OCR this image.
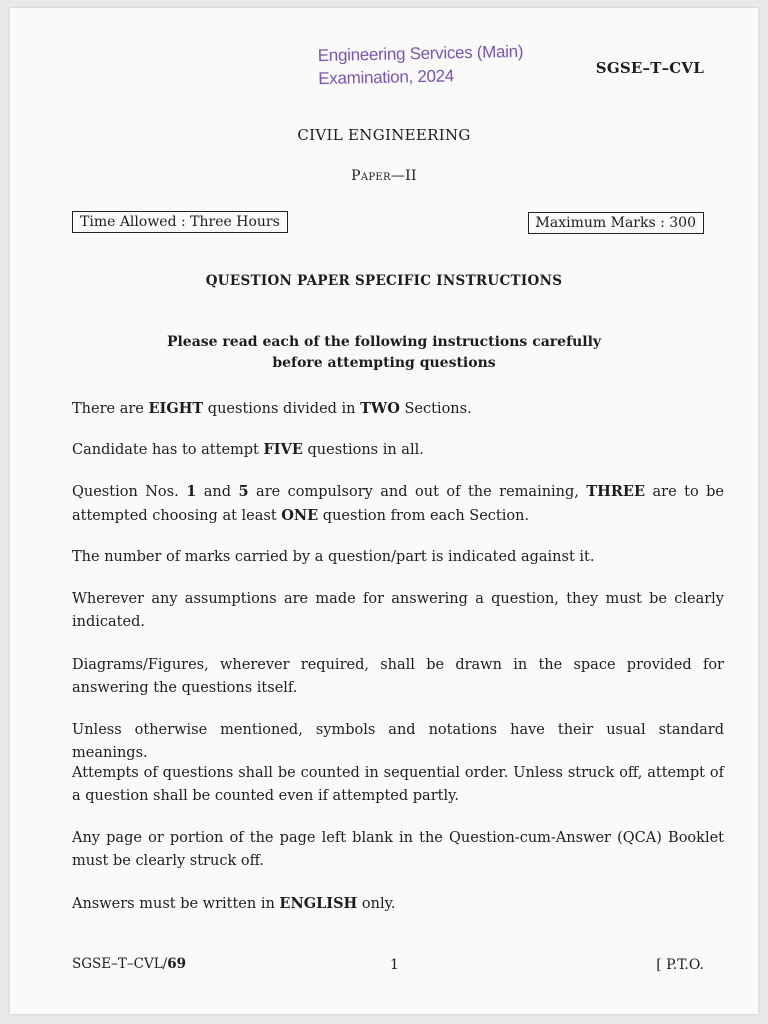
Engineering Services (Main)
Examination, 2024	SGSE–T–CVL
CIVIL ENGINEERING
Paper—II
Time Allowed : Three Hours	Maximum Marks : 300
QUESTION PAPER SPECIFIC INSTRUCTIONS
Please read each of the following instructions carefully
before attempting questions
There are EIGHT questions divided in TWO Sections.
Candidate has to attempt FIVE questions in all.
Question Nos. 1 and 5 are compulsory and out of the remaining, THREE are to be attempted choosing at least ONE question from each Section.
The number of marks carried by a question/part is indicated against it.
Wherever any assumptions are made for answering a question, they must be clearly indicated.
Diagrams/Figures, wherever required, shall be drawn in the space provided for answering the questions itself.
Unless otherwise mentioned, symbols and notations have their usual standard meanings.
Attempts of questions shall be counted in sequential order. Unless struck off, attempt of a question shall be counted even if attempted partly.
Any page or portion of the page left blank in the Question-cum-Answer (QCA) Booklet must be clearly struck off.
Answers must be written in ENGLISH only.
SGSE–T–CVL/69	1	[ P.T.O.
